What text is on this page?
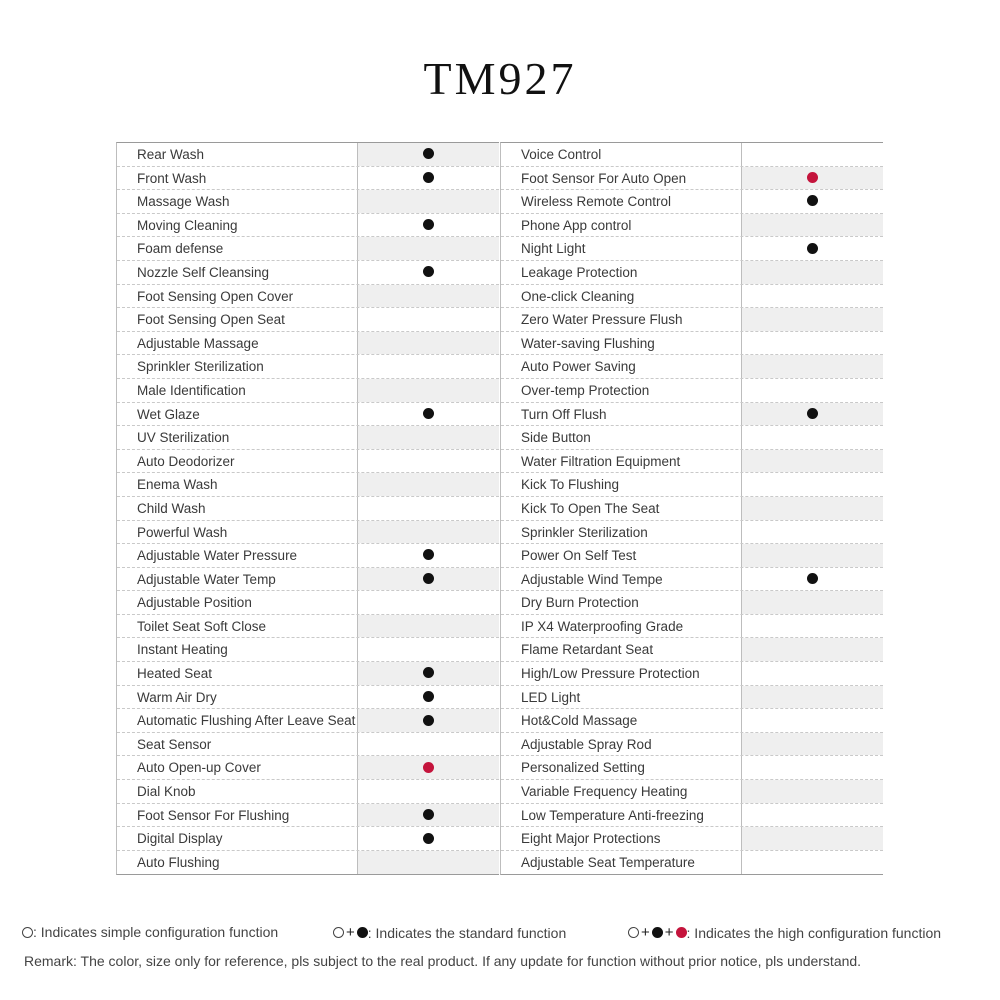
TM927
Rear Wash
Front Wash
Massage Wash
Moving Cleaning
Foam defense
Nozzle Self Cleansing
Foot Sensing Open Cover
Foot Sensing Open Seat
Adjustable Massage
Sprinkler Sterilization
Male Identification
Wet Glaze
UV Sterilization
Auto Deodorizer
Enema Wash
Child Wash
Powerful Wash
Adjustable Water Pressure
Adjustable Water Temp
Adjustable Position
Toilet Seat Soft Close
Instant Heating
Heated Seat
Warm Air Dry
Automatic Flushing After Leave Seat
Seat Sensor
Auto Open-up Cover
Dial Knob
Foot Sensor For Flushing
Digital Display
Auto Flushing
Voice Control
Foot Sensor For Auto Open
Wireless Remote Control
Phone App control
Night Light
Leakage Protection
One-click Cleaning
Zero Water Pressure Flush
Water-saving Flushing
Auto Power Saving
Over-temp Protection
Turn Off Flush
Side Button
Water Filtration Equipment
Kick To Flushing
Kick To Open The Seat
Sprinkler Sterilization
Power On Self Test
Adjustable Wind Tempe
Dry Burn Protection
IP X4 Waterproofing Grade
Flame Retardant Seat
High/Low Pressure Protection
LED Light
Hot&Cold Massage
Adjustable Spray Rod
Personalized Setting
Variable Frequency Heating
Low Temperature Anti-freezing
Eight Major Protections
Adjustable Seat Temperature
: Indicates simple configuration function	+ : Indicates the standard function	+ + : Indicates the high configuration function
Remark: The color, size only for reference, pls subject to the real product. If any update for function without prior notice, pls understand.
